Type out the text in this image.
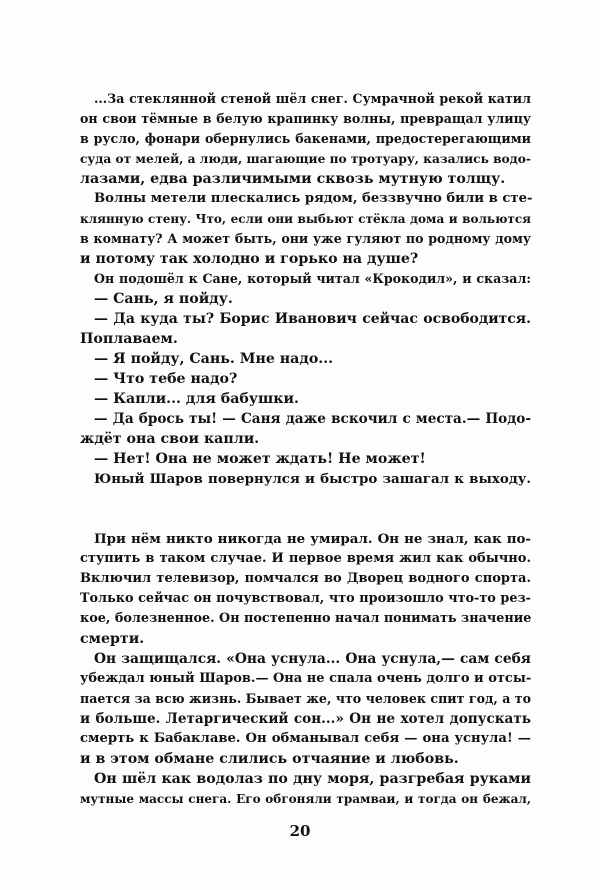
...За стеклянной стеной шёл снег. Сумрачной рекой катил
он свои тёмные в белую крапинку волны, превращал улицу
в русло, фонари обернулись бакенами, предостерегающими
суда от мелей, а люди, шагающие по тротуару, казались водо-
лазами, едва различимыми сквозь мутную толщу.
Волны метели плескались рядом, беззвучно били в сте-
клянную стену. Что, если они выбьют стёкла дома и вольются
в комнату? А может быть, они уже гуляют по родному дому
и потому так холодно и горько на душе?
Он подошёл к Сане, который читал «Крокодил», и сказал:
— Сань, я пойду.
— Да куда ты? Борис Иванович сейчас освободится.
Поплаваем.
— Я пойду, Сань. Мне надо...
— Что тебе надо?
— Капли... для бабушки.
— Да брось ты! — Саня даже вскочил с места.— Подо-
ждёт она свои капли.
— Нет! Она не может ждать! Не может!
Юный Шаров повернулся и быстро зашагал к выходу.
При нём никто никогда не умирал. Он не знал, как по-
ступить в таком случае. И первое время жил как обычно.
Включил телевизор, помчался во Дворец водного спорта.
Только сейчас он почувствовал, что произошло что-то рез-
кое, болезненное. Он постепенно начал понимать значение
смерти.
Он защищался. «Она уснула... Она уснула,— сам себя
убеждал юный Шаров.— Она не спала очень долго и отсы-
пается за всю жизнь. Бывает же, что человек спит год, а то
и больше. Летаргический сон...» Он не хотел допускать
смерть к Бабаклаве. Он обманывал себя — она уснула! —
и в этом обмане слились отчаяние и любовь.
Он шёл как водолаз по дну моря, разгребая руками
мутные массы снега. Его обгоняли трамваи, и тогда он бежал,
20
